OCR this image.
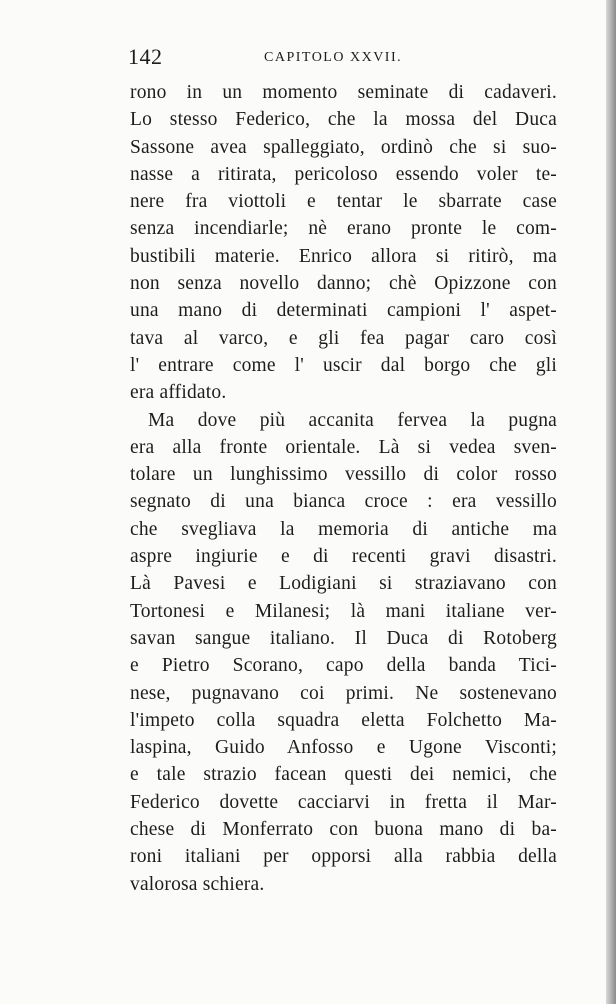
142	CAPITOLO XXVII.
rono in un momento seminate di cadaveri.
Lo stesso Federico, che la mossa del Duca
Sassone avea spalleggiato, ordinò che si suo-
nasse a ritirata, pericoloso essendo voler te-
nere fra viottoli e tentar le sbarrate case
senza incendiarle; nè erano pronte le com-
bustibili materie. Enrico allora si ritirò, ma
non senza novello danno; chè Opizzone con
una mano di determinati campioni l' aspet-
tava al varco, e gli fea pagar caro così
l' entrare come l' uscir dal borgo che gli
era affidato.
Ma dove più accanita fervea la pugna
era alla fronte orientale. Là si vedea sven-
tolare un lunghissimo vessillo di color rosso
segnato di una bianca croce : era vessillo
che svegliava la memoria di antiche ma
aspre ingiurie e di recenti gravi disastri.
Là Pavesi e Lodigiani si straziavano con
Tortonesi e Milanesi; là mani italiane ver-
savan sangue italiano. Il Duca di Rotoberg
e Pietro Scorano, capo della banda Tici-
nese, pugnavano coi primi. Ne sostenevano
l'impeto colla squadra eletta Folchetto Ma-
laspina, Guido Anfosso e Ugone Visconti;
e tale strazio facean questi dei nemici, che
Federico dovette cacciarvi in fretta il Mar-
chese di Monferrato con buona mano di ba-
roni italiani per opporsi alla rabbia della
valorosa schiera.
